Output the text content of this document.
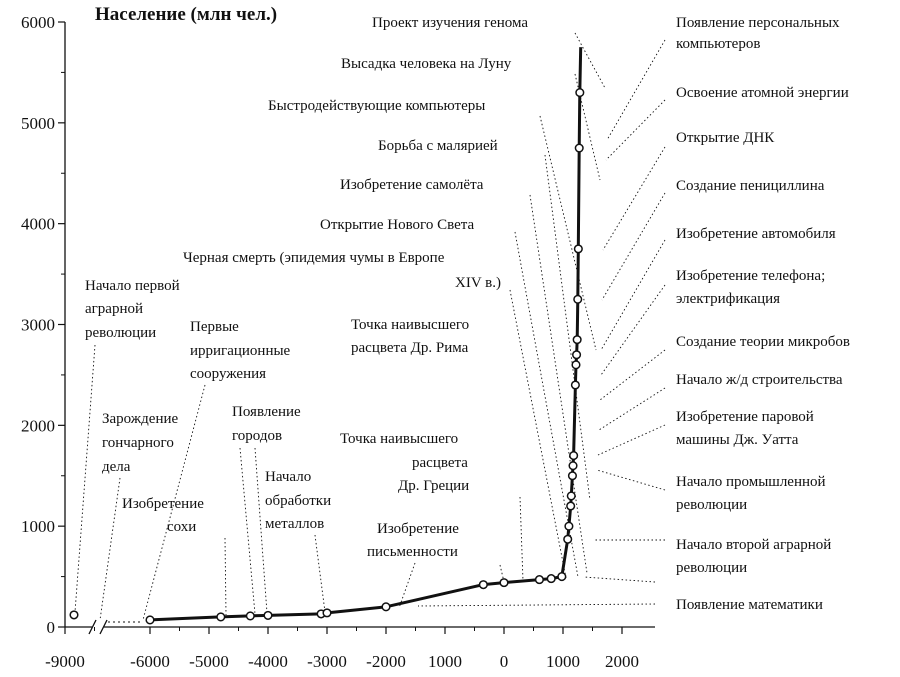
0
1000
2000
3000
4000
5000
6000
-9000	-6000 -5000 -4000 -3000 -2000 1000 0 1000 2000
Начало первой
аграрной
революции Первые
ирригационные
сооружения
Зарождение
гончарного
дела
Изобретение
сохи
Появление
городов
Начало
обработки
металлов	Изобретение
письменности
Точка наивысшего
расцвета
Др. Греции
Точка наивысшего
расцвета Др. Рима
Черная смерть (эпидемия чумы в Европе
XIV в.)
Открытие Нового Света
Изобретение самолёта
Борьба с малярией
Быстродействующие компьютеры
Высадка человека на Луну
Проект изучения генома	Появление персональных
компьютеров
Освоение атомной энергии
Открытие ДНК
Создание пенициллина
Изобретение автомобиля
Изобретение телефона;
электрификация
Создание теории микробов
Начало ж/д строительства
Изобретение паровой
машины Дж. Уатта
Начало промышленной
революции
Начало второй аграрной
революции
Появление математики
Население (млн чел.)
